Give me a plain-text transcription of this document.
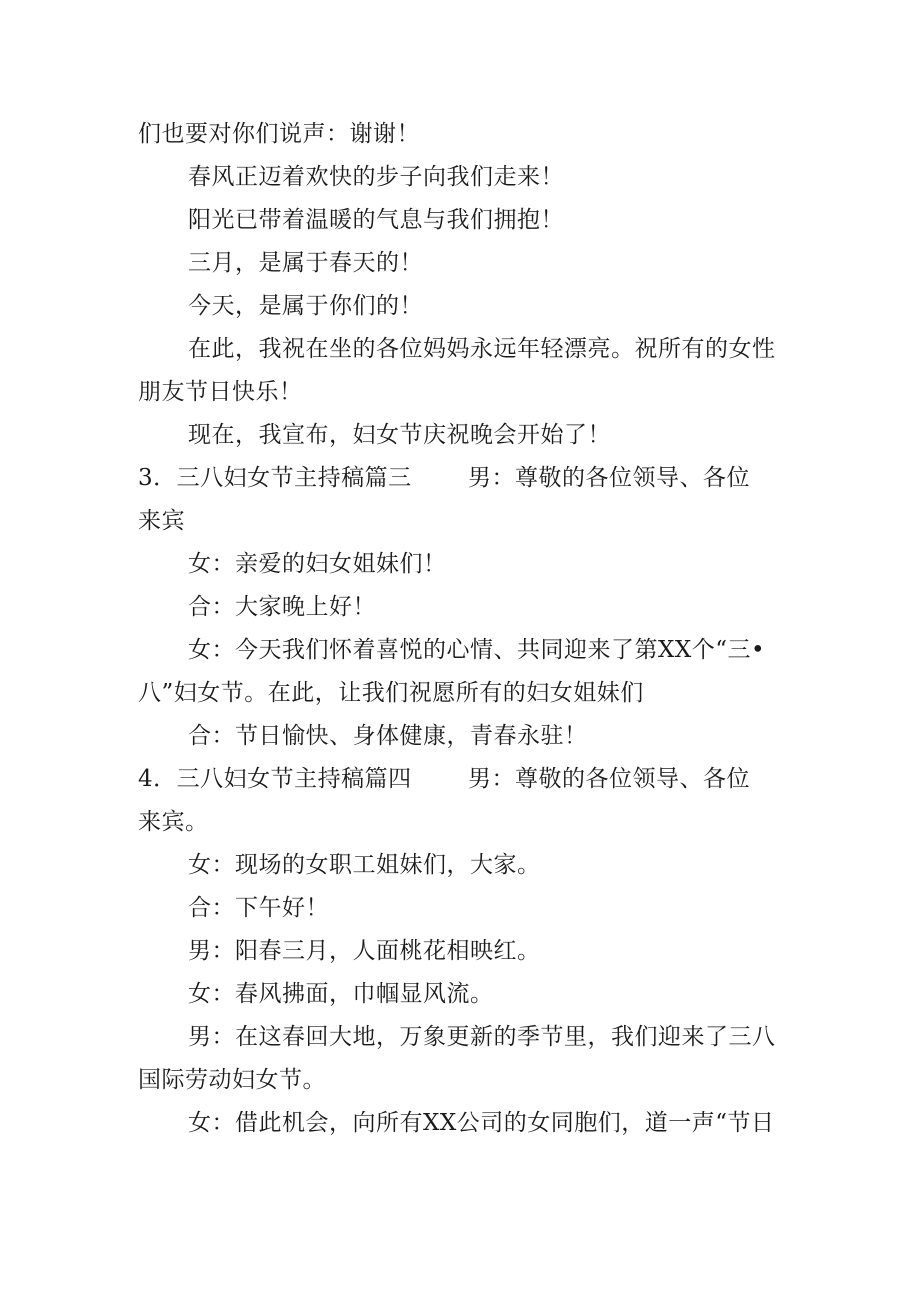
们也要对你们说声：谢谢！
春风正迈着欢快的步子向我们走来！
阳光已带着温暖的气息与我们拥抱！
三月，是属于春天的！
今天，是属于你们的！
在此，我祝在坐的各位妈妈永远年轻漂亮。祝所有的女性
朋友节日快乐！
现在，我宣布，妇女节庆祝晚会开始了！
3．三八妇女节主持稿篇三 男：尊敬的各位领导、各位
来宾
女：亲爱的妇女姐妹们！
合：大家晚上好！
女：今天我们怀着喜悦的心情、共同迎来了第XX个“三•
八”妇女节。在此，让我们祝愿所有的妇女姐妹们
合：节日愉快、身体健康，青春永驻！
4．三八妇女节主持稿篇四 男：尊敬的各位领导、各位
来宾。
女：现场的女职工姐妹们，大家。
合：下午好！
男：阳春三月，人面桃花相映红。
女：春风拂面，巾帼显风流。
男：在这春回大地，万象更新的季节里，我们迎来了三八
国际劳动妇女节。
女：借此机会，向所有XX公司的女同胞们，道一声“节日
